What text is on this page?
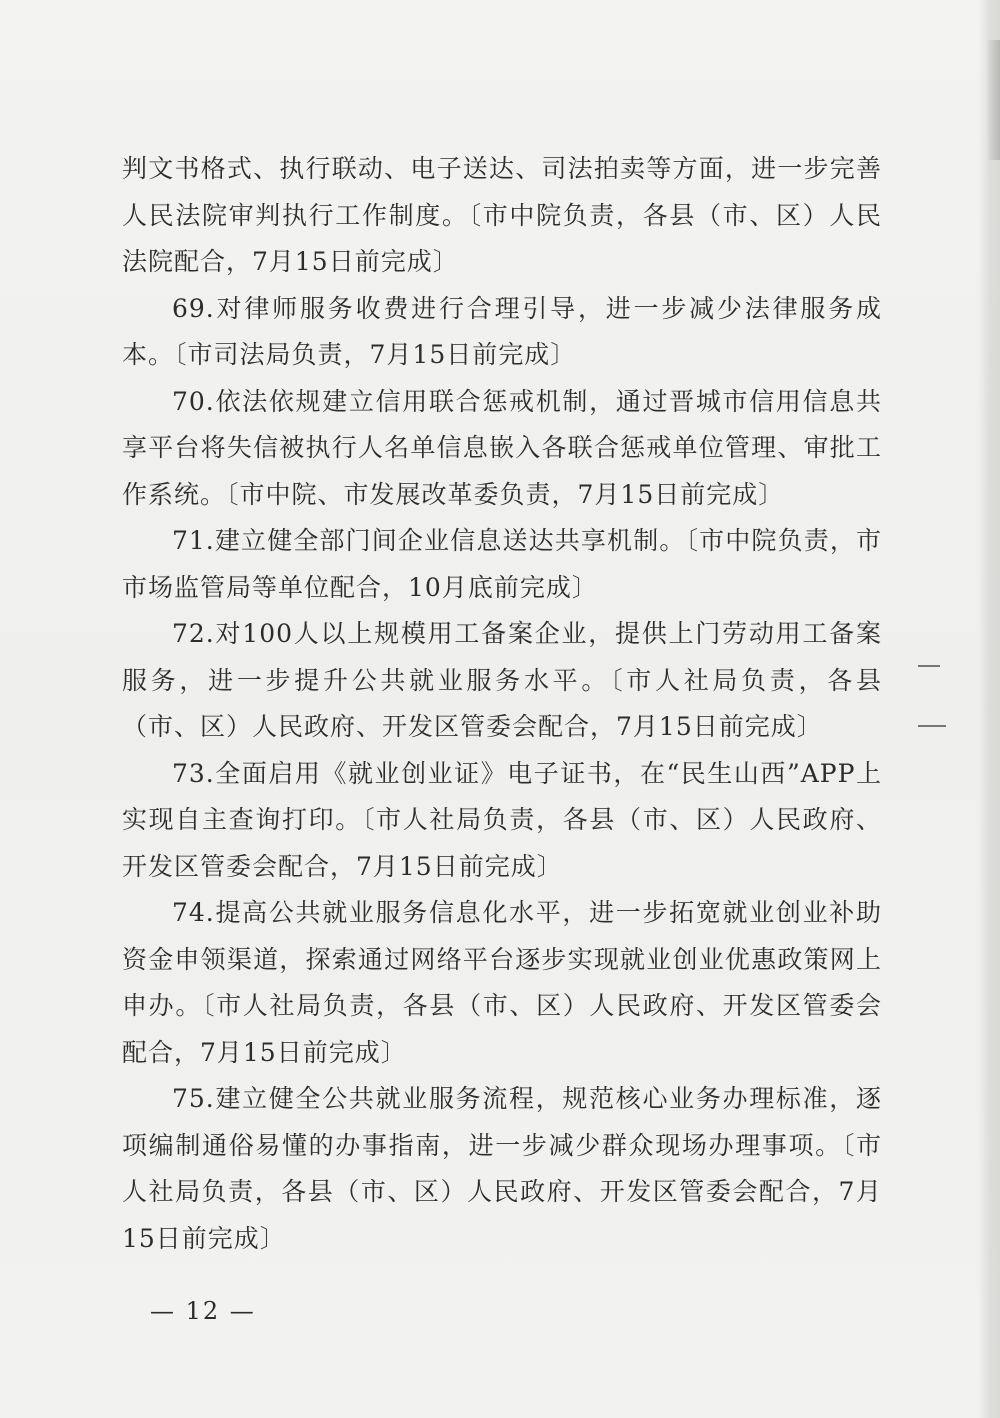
判文书格式、执行联动、电子送达、司法拍卖等方面，进一步完善人民法院审判执行工作制度。〔市中院负责，各县（市、区）人民法院配合，7月15日前完成〕

69.对律师服务收费进行合理引导，进一步减少法律服务成本。〔市司法局负责，7月15日前完成〕

70.依法依规建立信用联合惩戒机制，通过晋城市信用信息共享平台将失信被执行人名单信息嵌入各联合惩戒单位管理、审批工作系统。〔市中院、市发展改革委负责，7月15日前完成〕

71.建立健全部门间企业信息送达共享机制。〔市中院负责，市市场监管局等单位配合，10月底前完成〕

72.对100人以上规模用工备案企业，提供上门劳动用工备案服务，进一步提升公共就业服务水平。〔市人社局负责，各县（市、区）人民政府、开发区管委会配合，7月15日前完成〕

73.全面启用《就业创业证》电子证书，在“民生山西”APP上实现自主查询打印。〔市人社局负责，各县（市、区）人民政府、开发区管委会配合，7月15日前完成〕

74.提高公共就业服务信息化水平，进一步拓宽就业创业补助资金申领渠道，探索通过网络平台逐步实现就业创业优惠政策网上申办。〔市人社局负责，各县（市、区）人民政府、开发区管委会配合，7月15日前完成〕

75.建立健全公共就业服务流程，规范核心业务办理标准，逐项编制通俗易懂的办事指南，进一步减少群众现场办理事项。〔市人社局负责，各县（市、区）人民政府、开发区管委会配合，7月15日前完成〕

— 12 —
